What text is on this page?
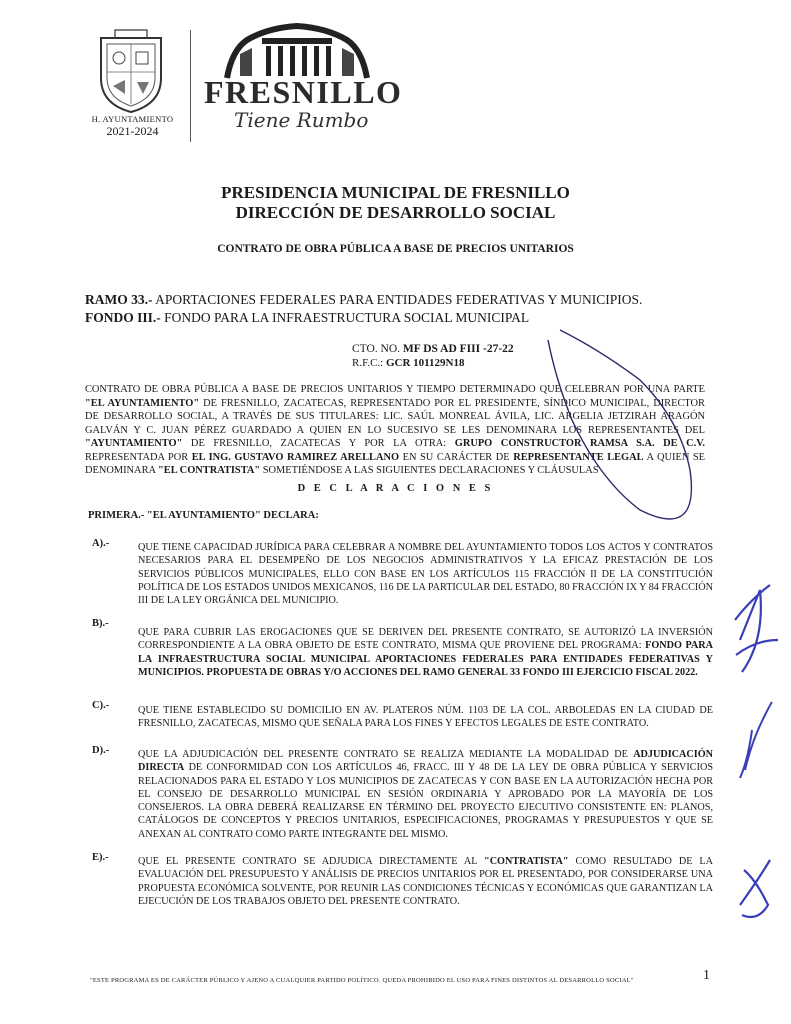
H. AYUNTAMIENTO
2021-2024
FRESNILLO
Tiene Rumbo
PRESIDENCIA MUNICIPAL DE FRESNILLO
DIRECCIÓN DE DESARROLLO SOCIAL
CONTRATO DE OBRA PÚBLICA A BASE DE PRECIOS UNITARIOS
RAMO 33.- APORTACIONES FEDERALES PARA ENTIDADES FEDERATIVAS Y MUNICIPIOS.
FONDO III.- FONDO PARA LA INFRAESTRUCTURA SOCIAL MUNICIPAL
CTO. NO. MF DS AD FIII -27-22
R.F.C.: GCR 101129N18
CONTRATO DE OBRA PÚBLICA A BASE DE PRECIOS UNITARIOS Y TIEMPO DETERMINADO QUE CELEBRAN POR UNA PARTE "EL AYUNTAMIENTO" DE FRESNILLO, ZACATECAS, REPRESENTADO POR EL PRESIDENTE, SÍNDICO MUNICIPAL, DIRECTOR DE DESARROLLO SOCIAL, A TRAVÉS DE SUS TITULARES: LIC. SAÚL MONREAL ÁVILA, LIC. ARGELIA JETZIRAH ARAGÓN GALVÁN Y C. JUAN PÉREZ GUARDADO A QUIEN EN LO SUCESIVO SE LES DENOMINARA LOS REPRESENTANTES DEL "AYUNTAMIENTO" DE FRESNILLO, ZACATECAS Y POR LA OTRA: GRUPO CONSTRUCTOR RAMSA S.A. DE C.V. REPRESENTADA POR EL ING. GUSTAVO RAMIREZ ARELLANO EN SU CARÁCTER DE REPRESENTANTE LEGAL A QUIEN SE DENOMINARA "EL CONTRATISTA" SOMETIÉNDOSE A LAS SIGUIENTES DECLARACIONES Y CLÁUSULAS
D E C L A R A C I O N E S
PRIMERA.- "EL AYUNTAMIENTO" DECLARA:
A).-	QUE TIENE CAPACIDAD JURÍDICA PARA CELEBRAR A NOMBRE DEL AYUNTAMIENTO TODOS LOS ACTOS Y CONTRATOS NECESARIOS PARA EL DESEMPEÑO DE LOS NEGOCIOS ADMINISTRATIVOS Y LA EFICAZ PRESTACIÓN DE LOS SERVICIOS PÚBLICOS MUNICIPALES, ELLO CON BASE EN LOS ARTÍCULOS 115 FRACCIÓN II DE LA CONSTITUCIÓN POLÍTICA DE LOS ESTADOS UNIDOS MEXICANOS, 116 DE LA PARTICULAR DEL ESTADO, 80 FRACCIÓN IX Y 84 FRACCIÓN III DE LA LEY ORGÁNICA DEL MUNICIPIO.
B).-
QUE PARA CUBRIR LAS EROGACIONES QUE SE DERIVEN DEL PRESENTE CONTRATO, SE AUTORIZÓ LA INVERSIÓN CORRESPONDIENTE A LA OBRA OBJETO DE ESTE CONTRATO, MISMA QUE PROVIENE DEL PROGRAMA: FONDO PARA LA INFRAESTRUCTURA SOCIAL MUNICIPAL APORTACIONES FEDERALES PARA ENTIDADES FEDERATIVAS Y MUNICIPIOS. PROPUESTA DE OBRAS Y/O ACCIONES DEL RAMO GENERAL 33 FONDO III EJERCICIO FISCAL 2022.
C).-	QUE TIENE ESTABLECIDO SU DOMICILIO EN AV. PLATEROS NÚM. 1103 DE LA COL. ARBOLEDAS EN LA CIUDAD DE FRESNILLO, ZACATECAS, MISMO QUE SEÑALA PARA LOS FINES Y EFECTOS LEGALES DE ESTE CONTRATO.
D).-	QUE LA ADJUDICACIÓN DEL PRESENTE CONTRATO SE REALIZA MEDIANTE LA MODALIDAD DE ADJUDICACIÓN DIRECTA DE CONFORMIDAD CON LOS ARTÍCULOS 46, FRACC. III Y 48 DE LA LEY DE OBRA PÚBLICA Y SERVICIOS RELACIONADOS PARA EL ESTADO Y LOS MUNICIPIOS DE ZACATECAS Y CON BASE EN LA AUTORIZACIÓN HECHA POR EL CONSEJO DE DESARROLLO MUNICIPAL EN SESIÓN ORDINARIA Y APROBADO POR LA MAYORÍA DE LOS CONSEJEROS. LA OBRA DEBERÁ REALIZARSE EN TÉRMINO DEL PROYECTO EJECUTIVO CONSISTENTE EN: PLANOS, CATÁLOGOS DE CONCEPTOS Y PRECIOS UNITARIOS, ESPECIFICACIONES, PROGRAMAS Y PRESUPUESTOS Y QUE SE ANEXAN AL CONTRATO COMO PARTE INTEGRANTE DEL MISMO.
E).-	QUE EL PRESENTE CONTRATO SE ADJUDICA DIRECTAMENTE AL "CONTRATISTA" COMO RESULTADO DE LA EVALUACIÓN DEL PRESUPUESTO Y ANÁLISIS DE PRECIOS UNITARIOS POR EL PRESENTADO, POR CONSIDERARSE UNA PROPUESTA ECONÓMICA SOLVENTE, POR REUNIR LAS CONDICIONES TÉCNICAS Y ECONÓMICAS QUE GARANTIZAN LA EJECUCIÓN DE LOS TRABAJOS OBJETO DEL PRESENTE CONTRATO.
"ESTE PROGRAMA ES DE CARÁCTER PÚBLICO Y AJENO A CUALQUIER PARTIDO POLÍTICO. QUEDA PROHIBIDO EL USO PARA FINES DISTINTOS AL DESARROLLO SOCIAL"	1
